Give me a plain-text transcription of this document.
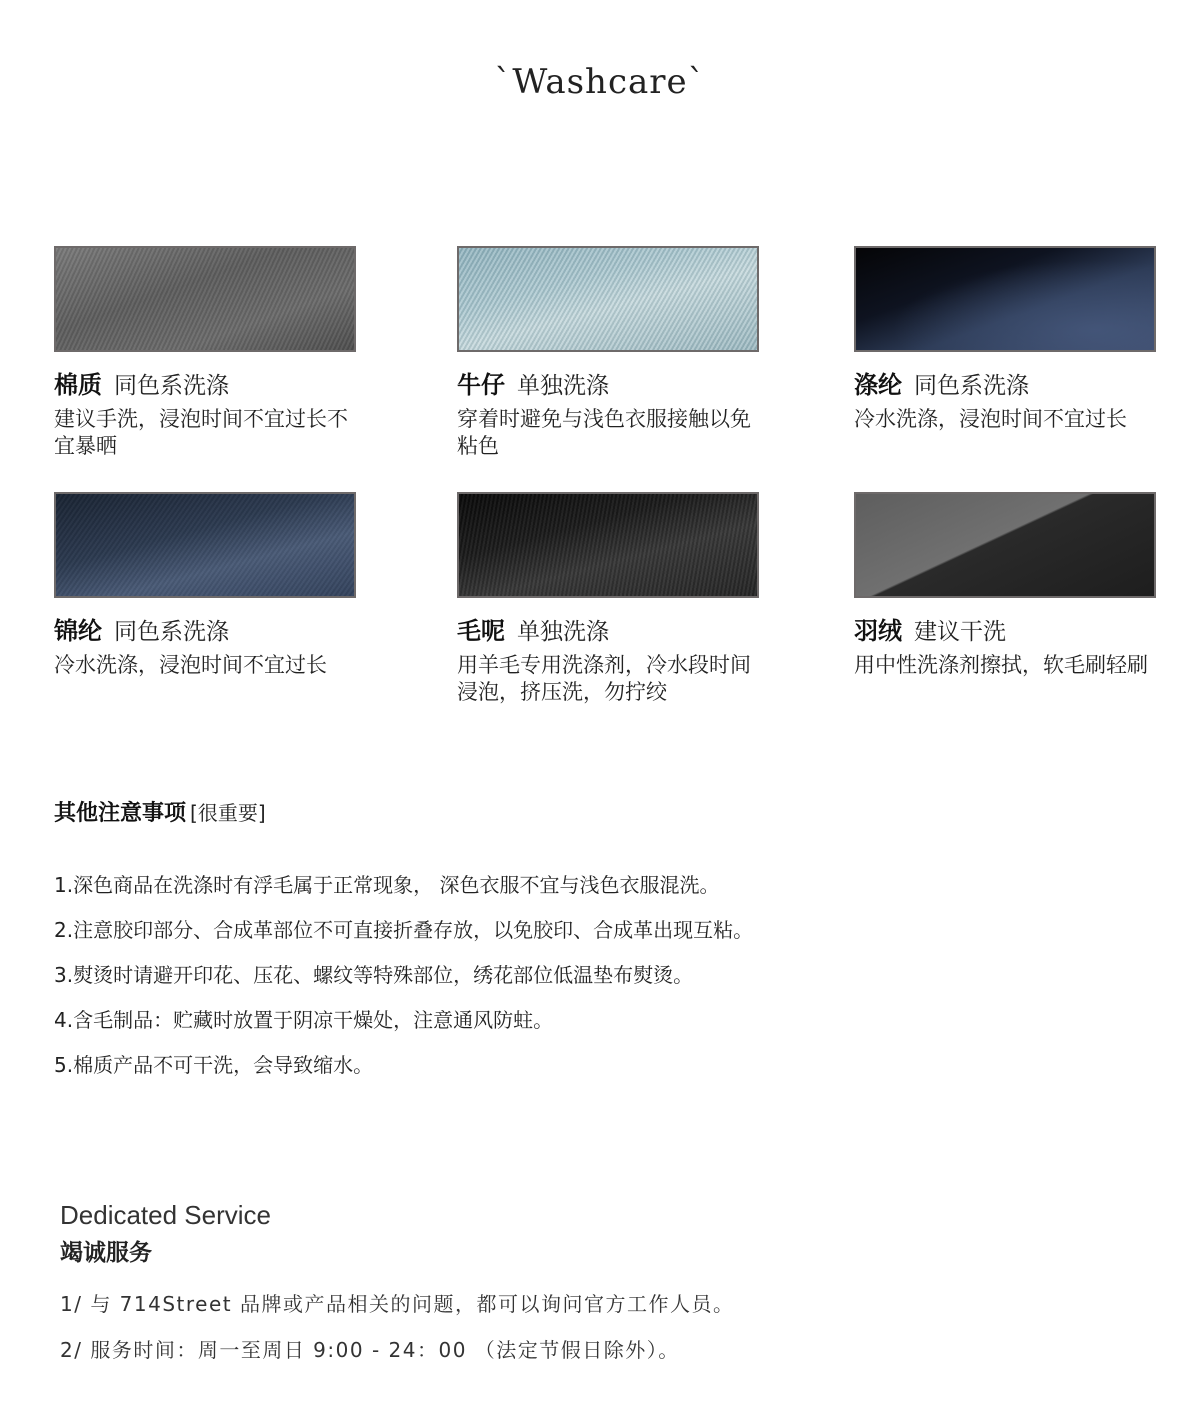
`Washcare`
棉质 同色系洗涤
建议手洗，浸泡时间不宜过长不宜暴晒
牛仔 单独洗涤
穿着时避免与浅色衣服接触以免粘色
涤纶 同色系洗涤
冷水洗涤，浸泡时间不宜过长
锦纶 同色系洗涤
冷水洗涤，浸泡时间不宜过长
毛呢 单独洗涤
用羊毛专用洗涤剂，冷水段时间浸泡，挤压洗，勿拧绞
羽绒 建议干洗
用中性洗涤剂擦拭，软毛刷轻刷
其他注意事项 [很重要]
1.深色商品在洗涤时有浮毛属于正常现象， 深色衣服不宜与浅色衣服混洗。
2.注意胶印部分、合成革部位不可直接折叠存放，以免胶印、合成革出现互粘。
3.熨烫时请避开印花、压花、螺纹等特殊部位，绣花部位低温垫布熨烫。
4.含毛制品：贮藏时放置于阴凉干燥处，注意通风防蛀。
5.棉质产品不可干洗，会导致缩水。
Dedicated Service
竭诚服务
1/ 与 714Street 品牌或产品相关的问题，都可以询问官方工作人员。
2/ 服务时间：周一至周日 9:00 - 24：00 （法定节假日除外）。
